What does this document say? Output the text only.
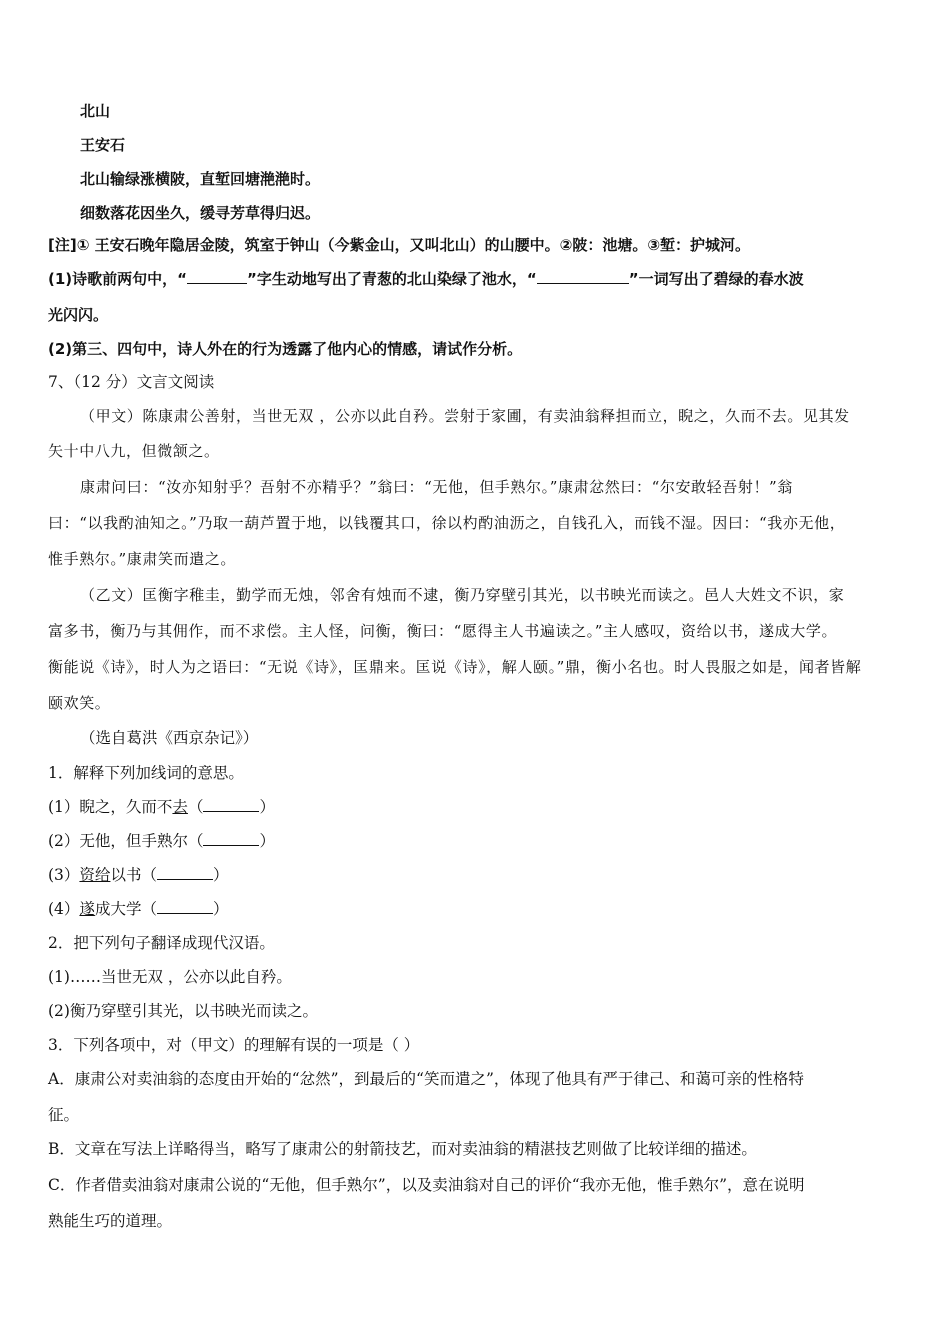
北山
王安石
北山输绿涨横陂，直堑回塘滟滟时。
细数落花因坐久，缓寻芳草得归迟。
[注]① 王安石晚年隐居金陵，筑室于钟山（今紫金山，又叫北山）的山腰中。②陂：池塘。③堑：护城河。
(1)诗歌前两句中，“	”字生动地写出了青葱的北山染绿了池水，“	”一词写出了碧绿的春水波
光闪闪。
(2)第三、四句中，诗人外在的行为透露了他内心的情感，请试作分析。
7、（12 分）文言文阅读
（甲文）陈康肃公善射，当世无双 ，公亦以此自矜。尝射于家圃，有卖油翁释担而立，睨之，久而不去。见其发
矢十中八九，但微颔之。
康肃问曰：“汝亦知射乎？吾射不亦精乎？”翁曰：“无他，但手熟尔。”康肃忿然曰：“尔安敢轻吾射！”翁
曰：“以我酌油知之。”乃取一葫芦置于地，以钱覆其口，徐以杓酌油沥之，自钱孔入，而钱不湿。因曰：“我亦无他，
惟手熟尔。”康肃笑而遣之。
（乙文）匡衡字稚圭，勤学而无烛，邻舍有烛而不逮，衡乃穿壁引其光，以书映光而读之。邑人大姓文不识，家
富多书，衡乃与其佣作，而不求偿。主人怪，问衡，衡曰：“愿得主人书遍读之。”主人感叹，资给以书，遂成大学。
衡能说《诗》，时人为之语曰：“无说《诗》，匡鼎来。匡说《诗》，解人颐。”鼎，衡小名也。时人畏服之如是，闻者皆解
颐欢笑。
（选自葛洪《西京杂记》）
1．解释下列加线词的意思。
(1）睨之，久而不去（	）
(2）无他，但手熟尔（	）
(3）资给以书（	）
(4）遂成大学（	）
2．把下列句子翻译成现代汉语。
(1)……当世无双 ，公亦以此自矜。
(2)衡乃穿壁引其光，以书映光而读之。
3．下列各项中，对（甲文）的理解有误的一项是（ ）
A．康肃公对卖油翁的态度由开始的“忿然”，到最后的“笑而遣之”，体现了他具有严于律己、和蔼可亲的性格特
征。
B．文章在写法上详略得当，略写了康肃公的射箭技艺，而对卖油翁的精湛技艺则做了比较详细的描述。
C．作者借卖油翁对康肃公说的“无他，但手熟尔”，以及卖油翁对自己的评价“我亦无他，惟手熟尔”，意在说明
熟能生巧的道理。
